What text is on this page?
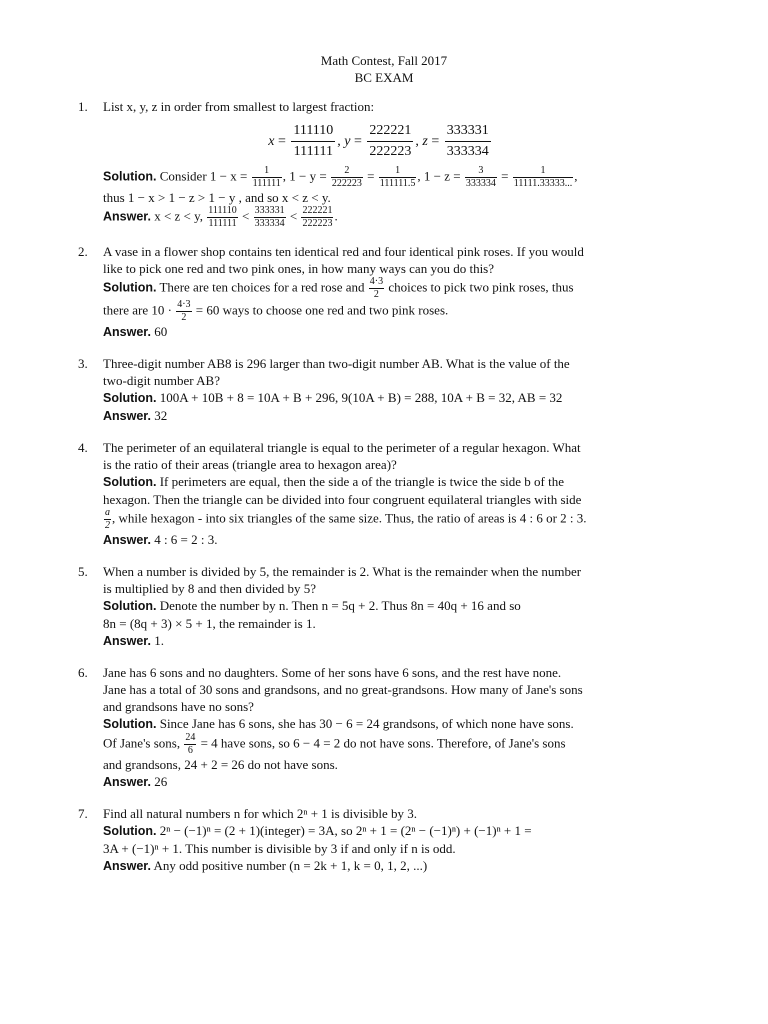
Math Contest, Fall 2017
BC EXAM
1. List x, y, z in order from smallest to largest fraction:
$x = \frac{111110}{111111}$ , $y = \frac{222221}{222223}$ , $z = \frac{333331}{333334}$
Solution. Consider $1 - x = \frac{1}{111111}$ , $1 - y = \frac{2}{222223} = \frac{1}{111111.5}$ , $1 - z = \frac{3}{333334} = \frac{1}{11111.33333...}$ ,
thus 1 − x > 1 − z > 1 − y , and so x < z < y.
Answer. x < z < y, $\frac{111110}{111111} < \frac{333331}{333334} < \frac{222221}{222223}$ .
2. A vase in a flower shop contains ten identical red and four identical pink roses. If you would
like to pick one red and two pink ones, in how many ways can you do this?
Solution. There are ten choices for a red rose and $\frac{4\cdot 3}{2}$ choices to pick two pink roses, thus
there are $10 \cdot \frac{4\cdot 3}{2} = 60$ ways to choose one red and two pink roses.
Answer. 60
3. Three-digit number AB8 is 296 larger than two-digit number AB. What is the value of the
two-digit number AB?
Solution. 100A + 10B + 8 = 10A + B + 296, 9(10A + B) = 288, 10A + B = 32, AB = 32
Answer. 32
4. The perimeter of an equilateral triangle is equal to the perimeter of a regular hexagon. What
is the ratio of their areas (triangle area to hexagon area)?
Solution. If perimeters are equal, then the side a of the triangle is twice the side b of the
hexagon. Then the triangle can be divided into four congruent equilateral triangles with side
$\frac{a}{2}$ , while hexagon - into six triangles of the same size. Thus, the ratio of areas is 4 : 6 or 2 : 3.
Answer. 4 : 6 = 2 : 3.
5. When a number is divided by 5, the remainder is 2. What is the remainder when the number
is multiplied by 8 and then divided by 5?
Solution. Denote the number by n. Then n = 5q + 2. Thus 8n = 40q + 16 and so
8n = (8q + 3) × 5 + 1, the remainder is 1.
Answer. 1.
6. Jane has 6 sons and no daughters. Some of her sons have 6 sons, and the rest have none.
Jane has a total of 30 sons and grandsons, and no great-grandsons. How many of Jane's sons
and grandsons have no sons?
Solution. Since Jane has 6 sons, she has 30 − 6 = 24 grandsons, of which none have sons.
Of Jane's sons, $\frac{24}{6} = 4$ have sons, so 6 − 4 = 2 do not have sons. Therefore, of Jane's sons
and grandsons, 24 + 2 = 26 do not have sons.
Answer. 26
7. Find all natural numbers n for which 2ⁿ + 1 is divisible by 3.
Solution. 2ⁿ − (−1)ⁿ = (2 + 1)(integer) = 3A, so 2ⁿ + 1 = (2ⁿ − (−1)ⁿ) + (−1)ⁿ + 1 =
3A + (−1)ⁿ + 1. This number is divisible by 3 if and only if n is odd.
Answer. Any odd positive number (n = 2k + 1, k = 0, 1, 2, ...)
